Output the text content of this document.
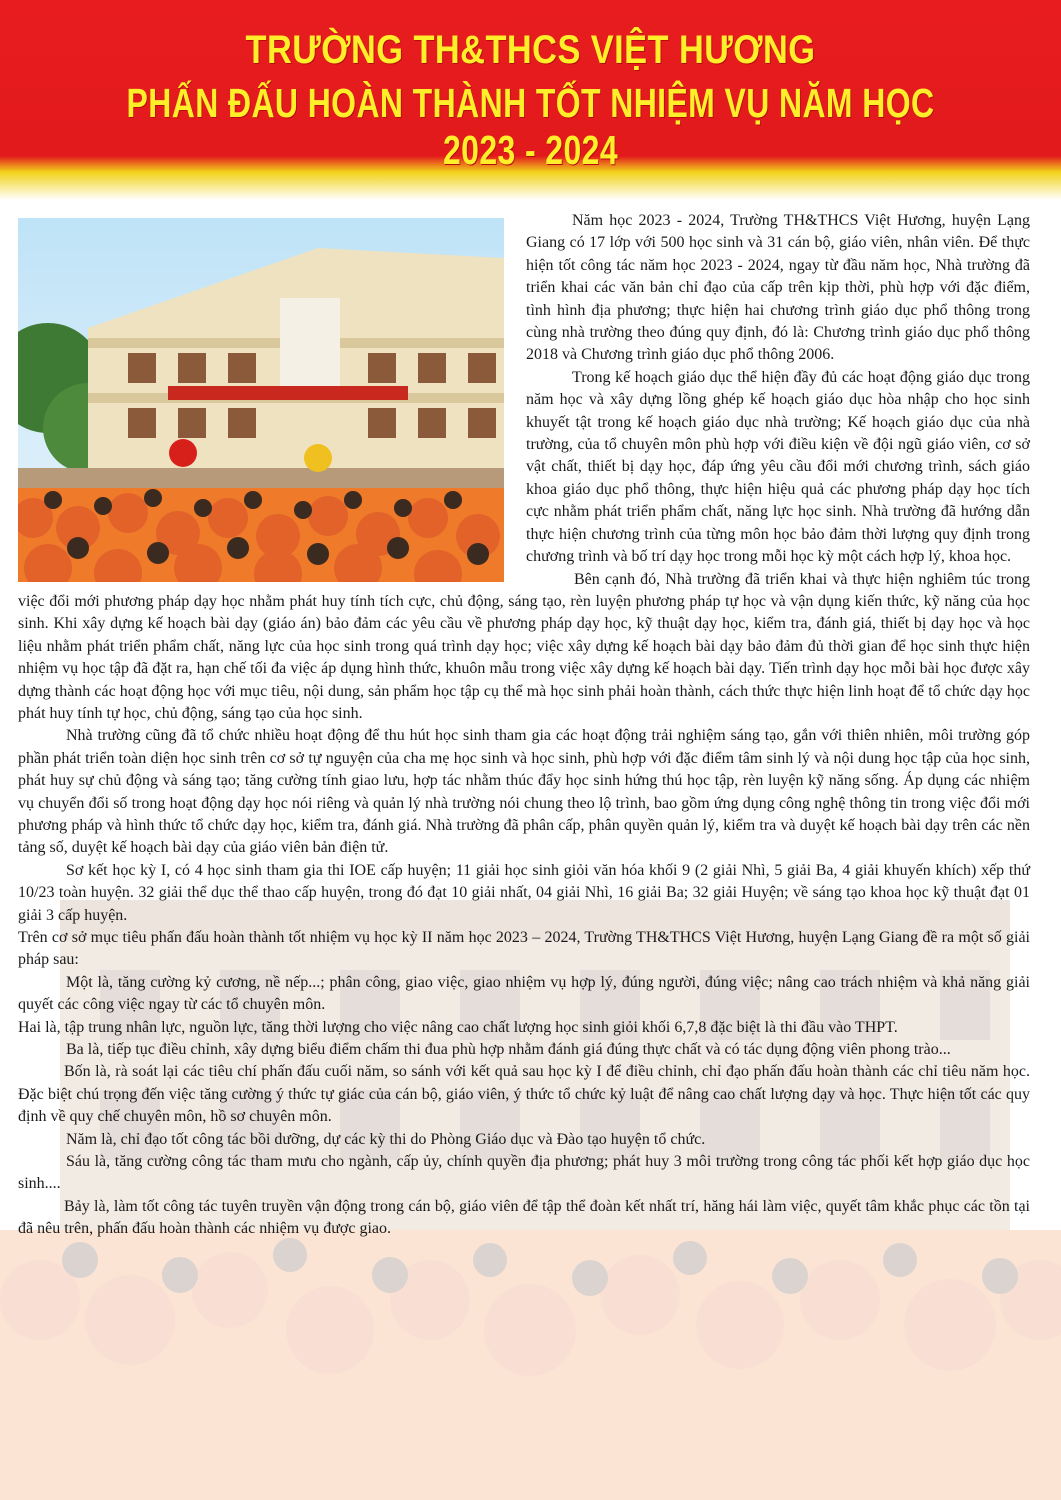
TRƯỜNG TH&THCS VIỆT HƯƠNG
PHẤN ĐẤU HOÀN THÀNH TỐT NHIỆM VỤ NĂM HỌC 2023 - 2024

Năm học 2023 - 2024, Trường TH&THCS Việt Hương, huyện Lạng Giang có 17 lớp với 500 học sinh và 31 cán bộ, giáo viên, nhân viên. Để thực hiện tốt công tác năm học 2023 - 2024, ngay từ đầu năm học, Nhà trường đã triển khai các văn bản chỉ đạo của cấp trên kịp thời, phù hợp với đặc điểm, tình hình địa phương; thực hiện hai chương trình giáo dục phổ thông trong cùng nhà trường theo đúng quy định, đó là: Chương trình giáo dục phổ thông 2018 và Chương trình giáo dục phổ thông 2006.

Trong kế hoạch giáo dục thể hiện đầy đủ các hoạt động giáo dục trong năm học và xây dựng lồng ghép kế hoạch giáo dục hòa nhập cho học sinh khuyết tật trong kế hoạch giáo dục nhà trường; Kế hoạch giáo dục của nhà trường, của tổ chuyên môn phù hợp với điều kiện về đội ngũ giáo viên, cơ sở vật chất, thiết bị dạy học, đáp ứng yêu cầu đổi mới chương trình, sách giáo khoa giáo dục phổ thông, thực hiện hiệu quả các phương pháp dạy học tích cực nhằm phát triển phẩm chất, năng lực học sinh. Nhà trường đã hướng dẫn thực hiện chương trình của từng môn học bảo đảm thời lượng quy định trong chương trình và bố trí dạy học trong mỗi học kỳ một cách hợp lý, khoa học.

Bên cạnh đó, Nhà trường đã triển khai và thực hiện nghiêm túc trong việc đổi mới phương pháp dạy học nhằm phát huy tính tích cực, chủ động, sáng tạo, rèn luyện phương pháp tự học và vận dụng kiến thức, kỹ năng của học sinh. Khi xây dựng kế hoạch bài dạy (giáo án) bảo đảm các yêu cầu về phương pháp dạy học, kỹ thuật dạy học, kiểm tra, đánh giá, thiết bị dạy học và học liệu nhằm phát triển phẩm chất, năng lực của học sinh trong quá trình dạy học; việc xây dựng kế hoạch bài dạy bảo đảm đủ thời gian để học sinh thực hiện nhiệm vụ học tập đã đặt ra, hạn chế tối đa việc áp dụng hình thức, khuôn mẫu trong việc xây dựng kế hoạch bài dạy. Tiến trình dạy học mỗi bài học được xây dựng thành các hoạt động học với mục tiêu, nội dung, sản phẩm học tập cụ thể mà học sinh phải hoàn thành, cách thức thực hiện linh hoạt để tổ chức dạy học phát huy tính tự học, chủ động, sáng tạo của học sinh.

Nhà trường cũng đã tổ chức nhiều hoạt động để thu hút học sinh tham gia các hoạt động trải nghiệm sáng tạo, gắn với thiên nhiên, môi trường góp phần phát triển toàn diện học sinh trên cơ sở tự nguyện của cha mẹ học sinh và học sinh, phù hợp với đặc điểm tâm sinh lý và nội dung học tập của học sinh, phát huy sự chủ động và sáng tạo; tăng cường tính giao lưu, hợp tác nhằm thúc đẩy học sinh hứng thú học tập, rèn luyện kỹ năng sống. Áp dụng các nhiệm vụ chuyển đổi số trong hoạt động dạy học nói riêng và quản lý nhà trường nói chung theo lộ trình, bao gồm ứng dụng công nghệ thông tin trong việc đổi mới phương pháp và hình thức tổ chức dạy học, kiểm tra, đánh giá. Nhà trường đã phân cấp, phân quyền quản lý, kiểm tra và duyệt kế hoạch bài dạy trên các nền tảng số, duyệt kế hoạch bài dạy của giáo viên bản điện tử.

Sơ kết học kỳ I, có 4 học sinh tham gia thi IOE cấp huyện; 11 giải học sinh giỏi văn hóa khối 9 (2 giải Nhì, 5 giải Ba, 4 giải khuyến khích) xếp thứ 10/23 toàn huyện. 32 giải thể dục thể thao cấp huyện, trong đó đạt 10 giải nhất, 04 giải Nhì, 16 giải Ba; 32 giải Huyện; về sáng tạo khoa học kỹ thuật đạt 01 giải 3 cấp huyện.

Trên cơ sở mục tiêu phấn đấu hoàn thành tốt nhiệm vụ học kỳ II năm học 2023 – 2024, Trường TH&THCS Việt Hương, huyện Lạng Giang đề ra một số giải pháp sau:

Một là, tăng cường kỷ cương, nề nếp...; phân công, giao việc, giao nhiệm vụ hợp lý, đúng người, đúng việc; nâng cao trách nhiệm và khả năng giải quyết các công việc ngay từ các tổ chuyên môn.

Hai là, tập trung nhân lực, nguồn lực, tăng thời lượng cho việc nâng cao chất lượng học sinh giỏi khối 6,7,8 đặc biệt là thi đầu vào THPT.

Ba là, tiếp tục điều chỉnh, xây dựng biểu điểm chấm thi đua phù hợp nhằm đánh giá đúng thực chất và có tác dụng động viên phong trào...

Bốn là, rà soát lại các tiêu chí phấn đấu cuối năm, so sánh với kết quả sau học kỳ I để điều chỉnh, chỉ đạo phấn đấu hoàn thành các chỉ tiêu năm học. Đặc biệt chú trọng đến việc tăng cường ý thức tự giác của cán bộ, giáo viên, ý thức tổ chức kỷ luật để nâng cao chất lượng dạy và học. Thực hiện tốt các quy định về quy chế chuyên môn, hồ sơ chuyên môn.

Năm là, chỉ đạo tốt công tác bồi dưỡng, dự các kỳ thi do Phòng Giáo dục và Đào tạo huyện tổ chức.

Sáu là, tăng cường công tác tham mưu cho ngành, cấp ủy, chính quyền địa phương; phát huy 3 môi trường trong công tác phối kết hợp giáo dục học sinh....

Bảy là, làm tốt công tác tuyên truyền vận động trong cán bộ, giáo viên để tập thể đoàn kết nhất trí, hăng hái làm việc, quyết tâm khắc phục các tồn tại đã nêu trên, phấn đấu hoàn thành các nhiệm vụ được giao.
